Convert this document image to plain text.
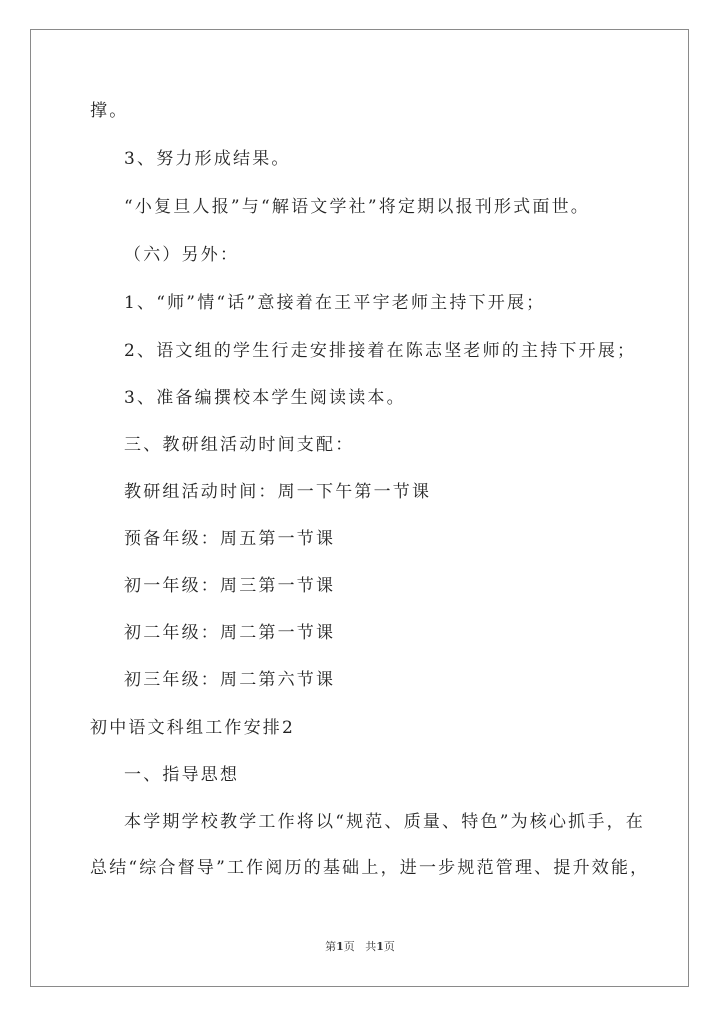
撑。
3、努力形成结果。
“小复旦人报”与“解语文学社”将定期以报刊形式面世。
（六）另外：
1、“师”情“话”意接着在王平宇老师主持下开展；
2、语文组的学生行走安排接着在陈志坚老师的主持下开展；
3、准备编撰校本学生阅读读本。
三、教研组活动时间支配：
教研组活动时间：周一下午第一节课
预备年级：周五第一节课
初一年级：周三第一节课
初二年级：周二第一节课
初三年级：周二第六节课
初中语文科组工作安排2
一、指导思想
本学期学校教学工作将以“规范、质量、特色”为核心抓手，在
总结“综合督导”工作阅历的基础上，进一步规范管理、提升效能，
第1页 共1页
